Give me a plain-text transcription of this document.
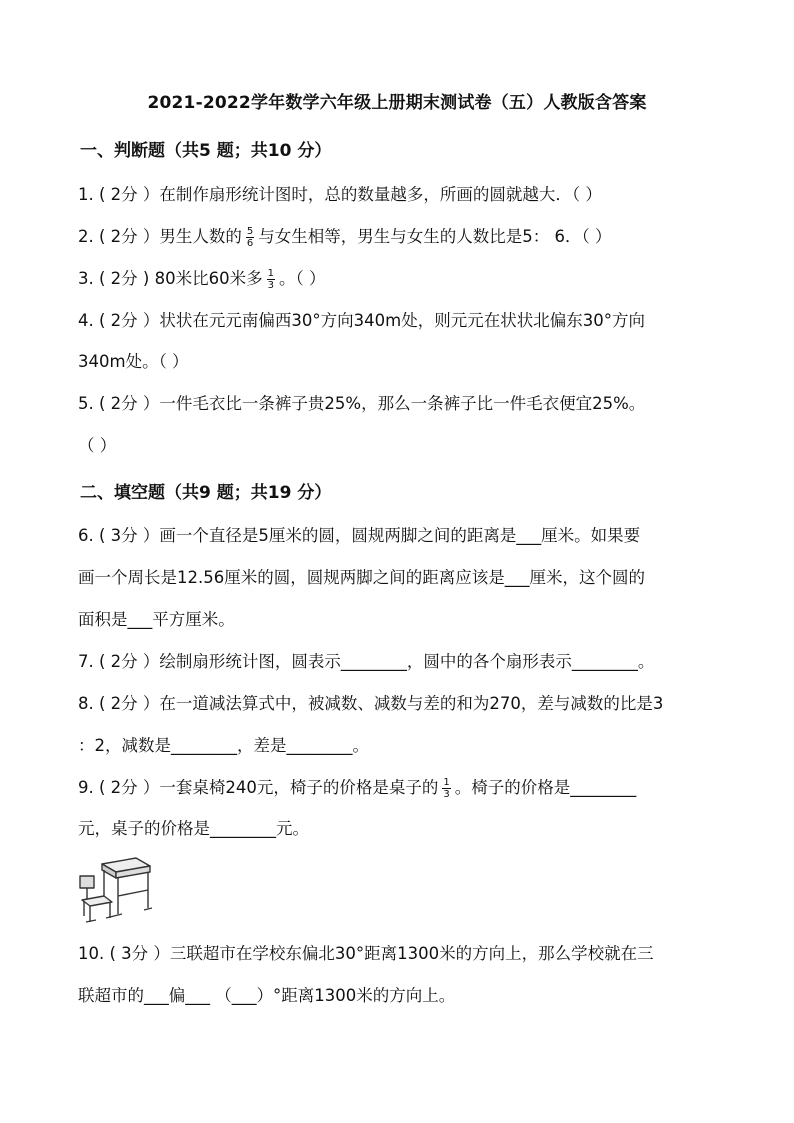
2021-2022学年数学六年级上册期末测试卷（五）人教版含答案
一、判断题（共5 题；共10 分）
1. ( 2分 ）在制作扇形统计图时，总的数量越多，所画的圆就越大．（ ）
2. ( 2分 ）男生人数的 $\frac{5}{6}$ 与女生相等，男生与女生的人数比是5： 6．（ ）
3. ( 2分 ) 80米比60米多 $\frac{1}{3}$ 。（ ）
4. ( 2分 ）状状在元元南偏西30°方向340m处，则元元在状状北偏东30°方向
340m处。（ ）
5. ( 2分 ）一件毛衣比一条裤子贵25%，那么一条裤子比一件毛衣便宜25%。
（ ）
二、填空题（共9 题；共19 分）
6. ( 3分 ）画一个直径是5厘米的圆，圆规两脚之间的距离是___厘米。如果要
画一个周长是12.56厘米的圆，圆规两脚之间的距离应该是___厘米，这个圆的
面积是___平方厘米。
7. ( 2分 ）绘制扇形统计图，圆表示________，圆中的各个扇形表示________。
8. ( 2分 ）在一道减法算式中，被减数、减数与差的和为270，差与减数的比是3
：2，减数是________，差是________。
9. ( 2分 ）一套桌椅240元，椅子的价格是桌子的 $\frac{1}{3}$ 。椅子的价格是________
元，桌子的价格是________元。
10. ( 3分 ）三联超市在学校东偏北30°距离1300米的方向上，那么学校就在三
联超市的___偏___ （___）°距离1300米的方向上。
